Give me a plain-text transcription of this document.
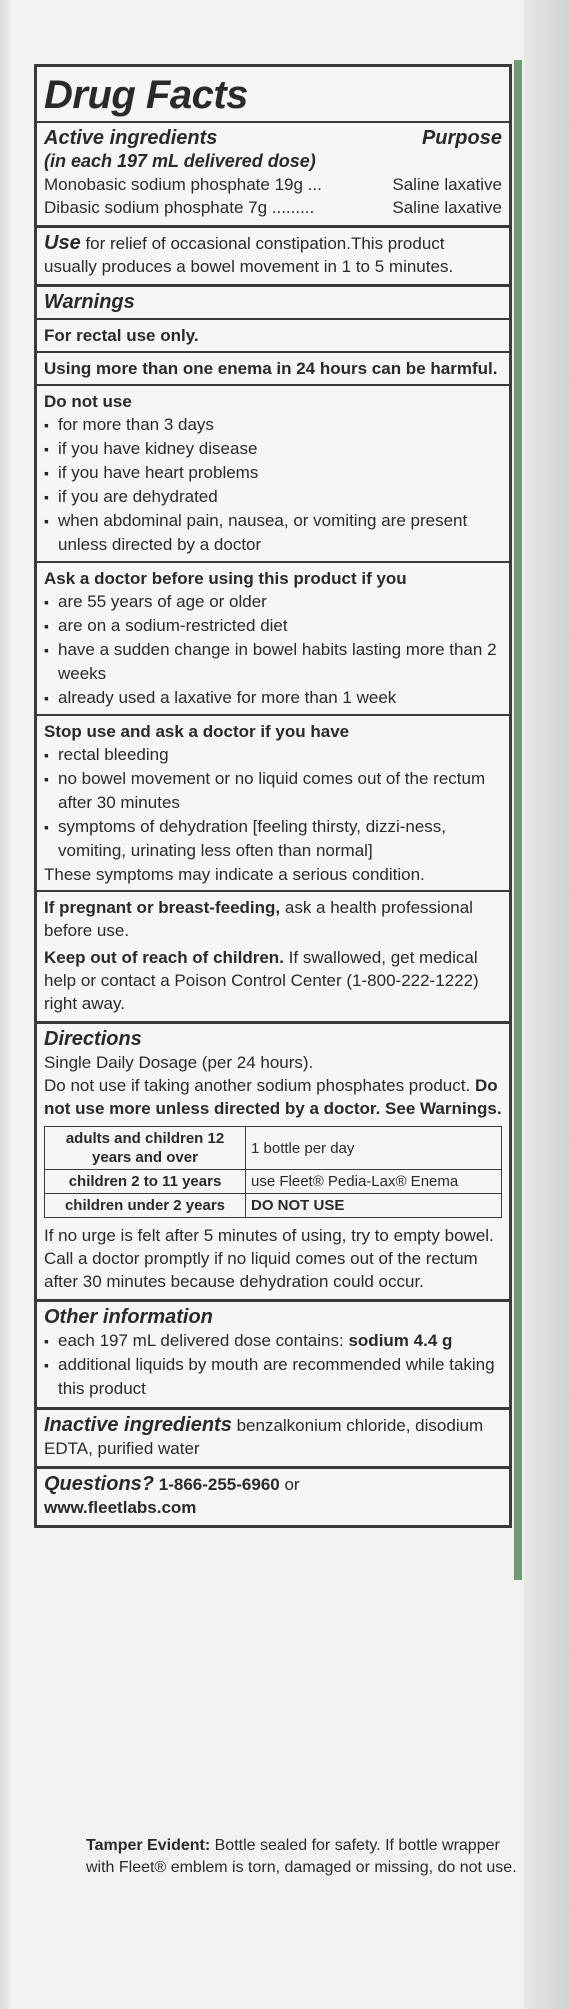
Drug Facts
Active ingredients	Purpose
(in each 197 mL delivered dose)
Monobasic sodium phosphate 19g ...	Saline laxative
Dibasic sodium phosphate 7g .........	Saline laxative
Use for relief of occasional constipation.This product usually produces a bowel movement in 1 to 5 minutes.
Warnings
For rectal use only.
Using more than one enema in 24 hours can be harmful.
Do not use
▪ for more than 3 days
▪ if you have kidney disease
▪ if you have heart problems
▪ if you are dehydrated
▪ when abdominal pain, nausea, or vomiting are present unless directed by a doctor
Ask a doctor before using this product if you
▪ are 55 years of age or older
▪ are on a sodium-restricted diet
▪ have a sudden change in bowel habits lasting more than 2 weeks
▪ already used a laxative for more than 1 week
Stop use and ask a doctor if you have
▪ rectal bleeding
▪ no bowel movement or no liquid comes out of the rectum after 30 minutes
▪ symptoms of dehydration [feeling thirsty, dizzi-ness, vomiting, urinating less often than normal]
These symptoms may indicate a serious condition.
If pregnant or breast-feeding, ask a health professional before use.
Keep out of reach of children. If swallowed, get medical help or contact a Poison Control Center (1-800-222-1222) right away.
Directions
Single Daily Dosage (per 24 hours).
Do not use if taking another sodium phosphates product. Do not use more unless directed by a doctor. See Warnings.
adults and children 12 years and over	1 bottle per day
children 2 to 11 years	use Fleet® Pedia-Lax® Enema
children under 2 years	DO NOT USE
If no urge is felt after 5 minutes of using, try to empty bowel. Call a doctor promptly if no liquid comes out of the rectum after 30 minutes because dehydration could occur.
Other information
▪ each 197 mL delivered dose contains: sodium 4.4 g
▪ additional liquids by mouth are recommended while taking this product
Inactive ingredients benzalkonium chloride, disodium EDTA, purified water
Questions? 1-866-255-6960 or
www.fleetlabs.com
Tamper Evident: Bottle sealed for safety. If bottle wrapper with Fleet® emblem is torn, damaged or missing, do not use.
